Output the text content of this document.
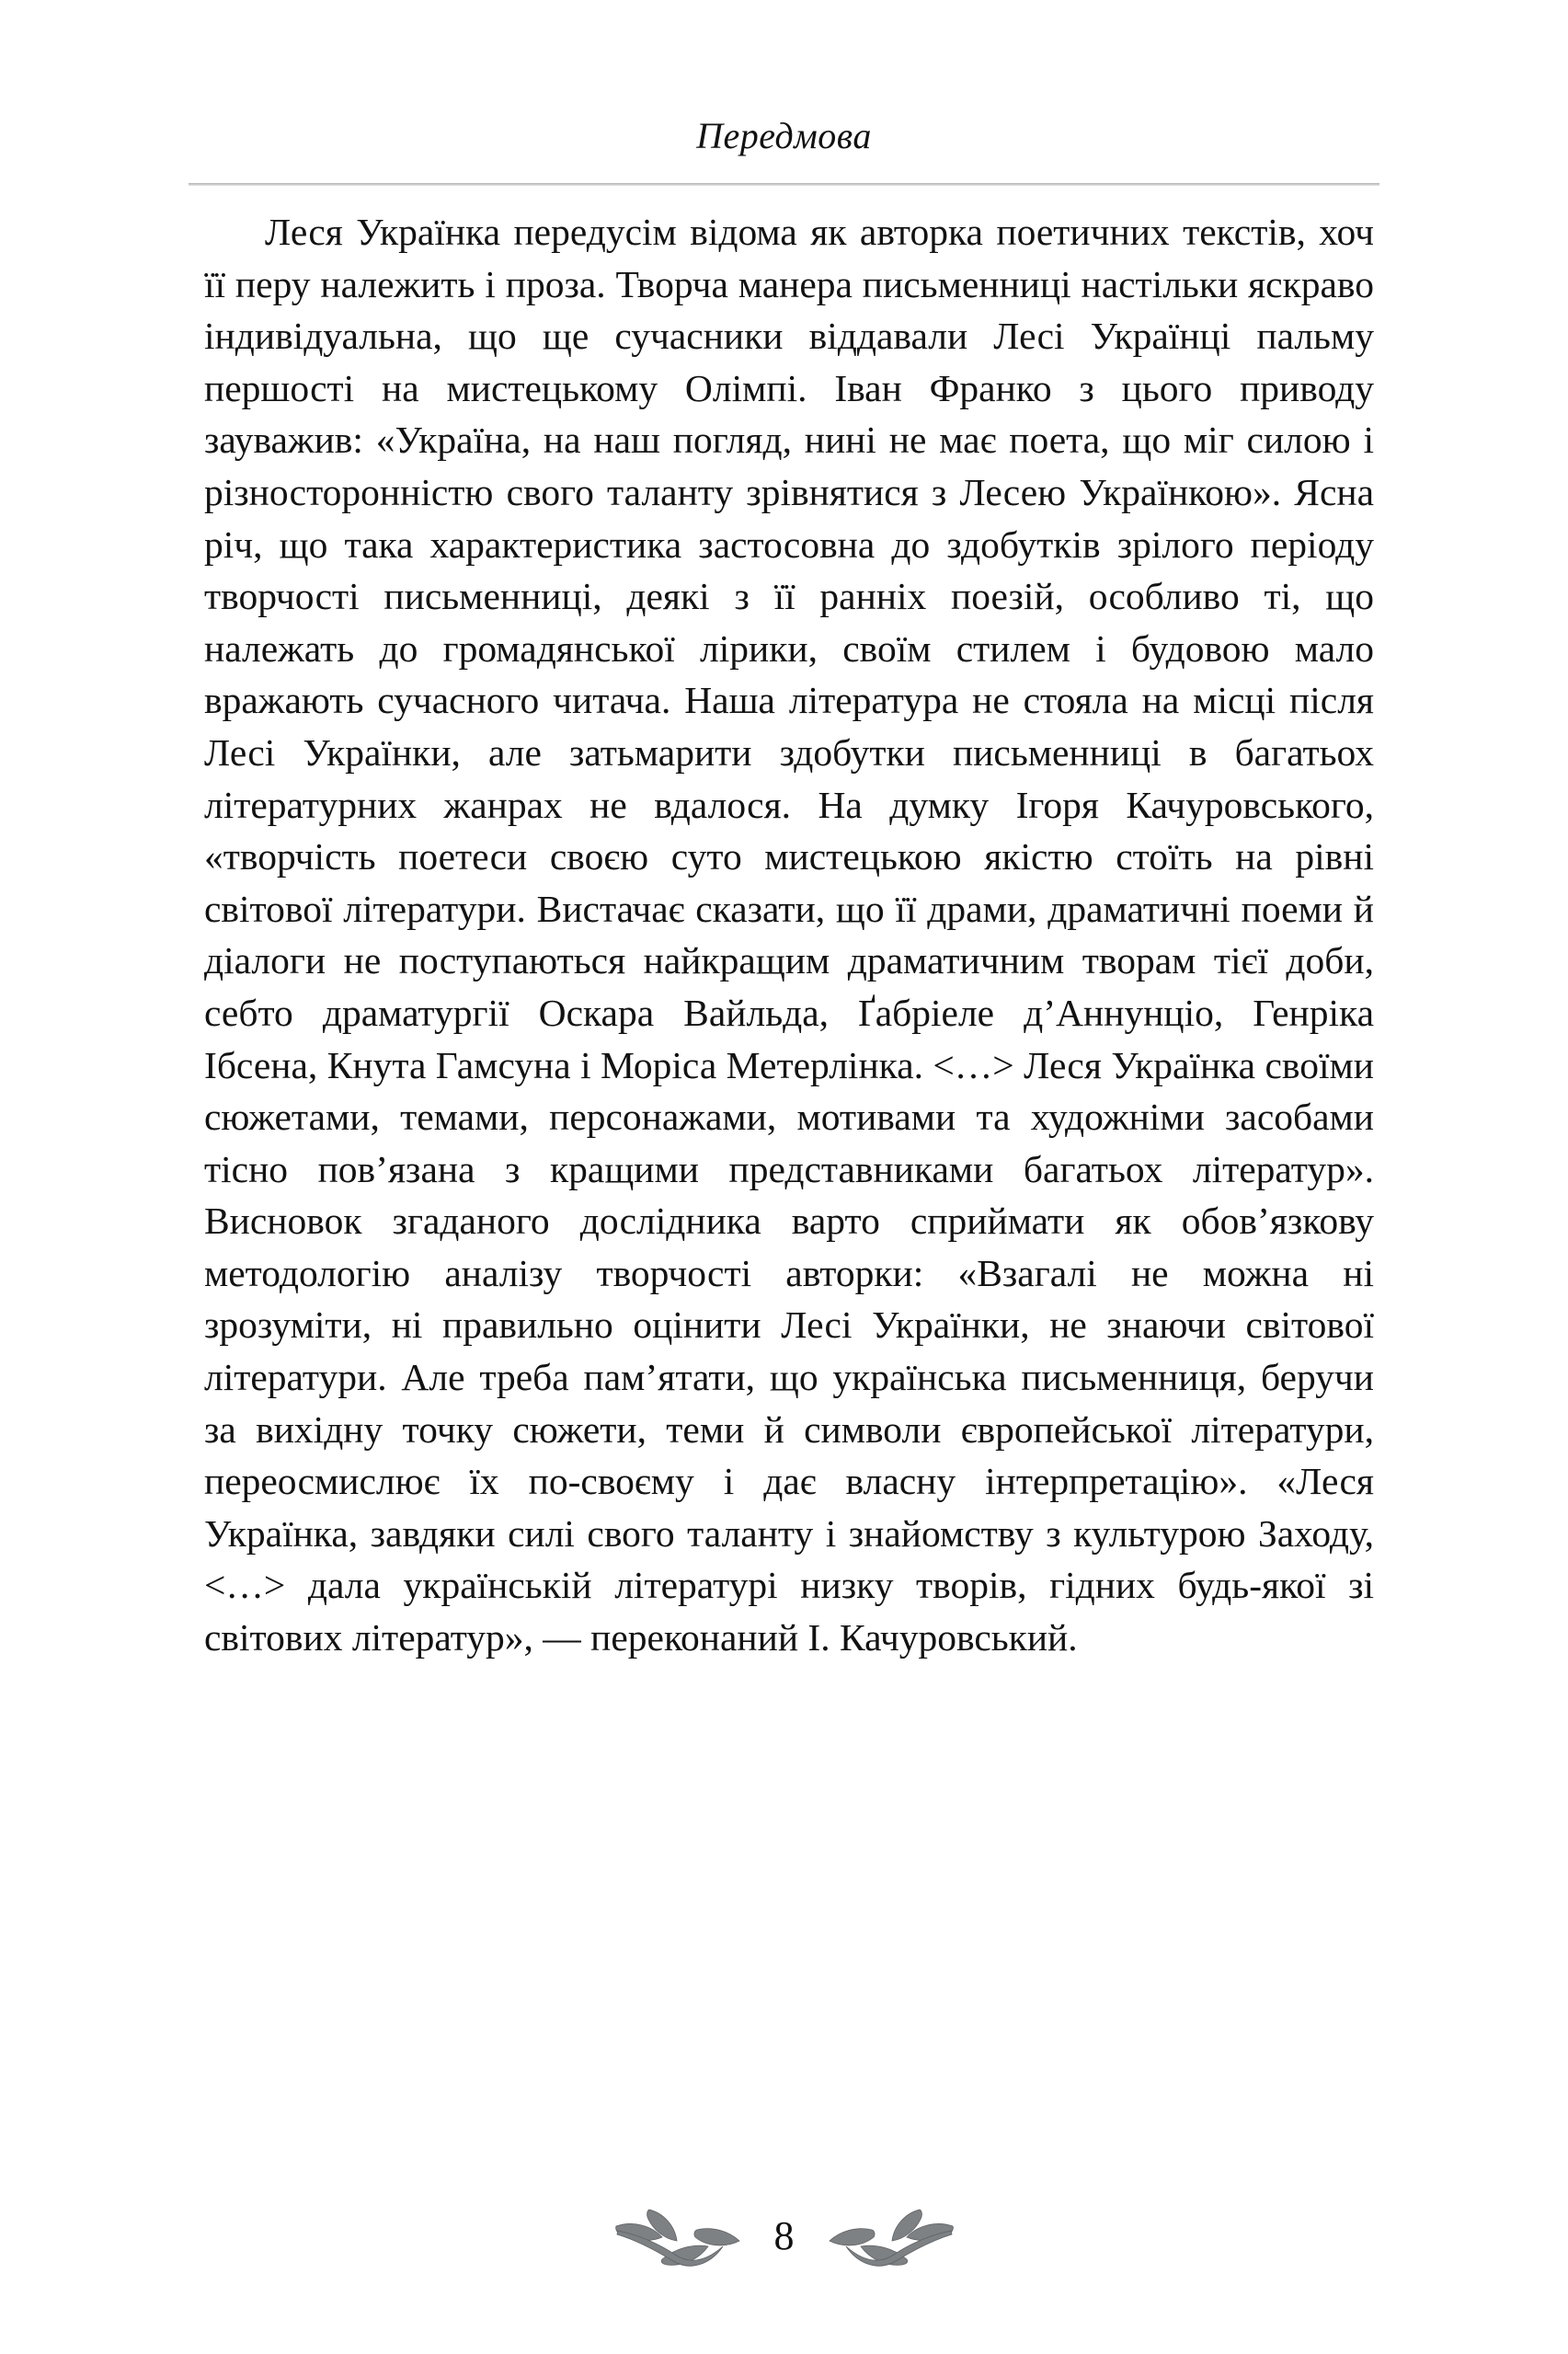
Передмова

Леся Українка передусім відома як авторка поетичних текстів, хоч її перу належить і проза. Творча манера письменниці настільки яскраво індивідуальна, що ще сучасники віддавали Лесі Українці пальму першості на мистецькому Олімпі. Іван Франко з цього приводу зауважив: «Україна, на наш погляд, нині не має поета, що міг силою і різносторонністю свого таланту зрівнятися з Лесею Українкою». Ясна річ, що така характеристика застосовна до здобутків зрілого періоду творчості письменниці, деякі з її ранніх поезій, особливо ті, що належать до громадянської лірики, своїм стилем і будовою мало вражають сучасного читача. Наша література не стояла на місці після Лесі Українки, але затьмарити здобутки письменниці в багатьох літературних жанрах не вдалося. На думку Ігоря Качуровського, «творчість поетеси своєю суто мистецькою якістю стоїть на рівні світової літератури. Вистачає сказати, що її драми, драматичні поеми й діалоги не поступаються найкращим драматичним творам тієї доби, себто драматургії Оскара Вайльда, Ґабріеле д’Аннунціо, Генріка Ібсена, Кнута Гамсуна і Моріса Метерлінка. <…> Леся Українка своїми сюжетами, темами, персонажами, мотивами та художніми засобами тісно пов’язана з кращими представниками багатьох літератур». Висновок згаданого дослідника варто сприймати як обов’язкову методологію аналізу творчості авторки: «Взагалі не можна ні зрозуміти, ні правильно оцінити Лесі Українки, не знаючи світової літератури. Але треба пам’ятати, що українська письменниця, беручи за вихідну точку сюжети, теми й символи європейської літератури, переосмислює їх по-своєму і дає власну інтерпретацію». «Леся Українка, завдяки силі свого таланту і знайомству з культурою Заходу, <…> дала українській літературі низку творів, гідних будь-якої зі світових літератур», — переконаний І. Качуровський.

8
